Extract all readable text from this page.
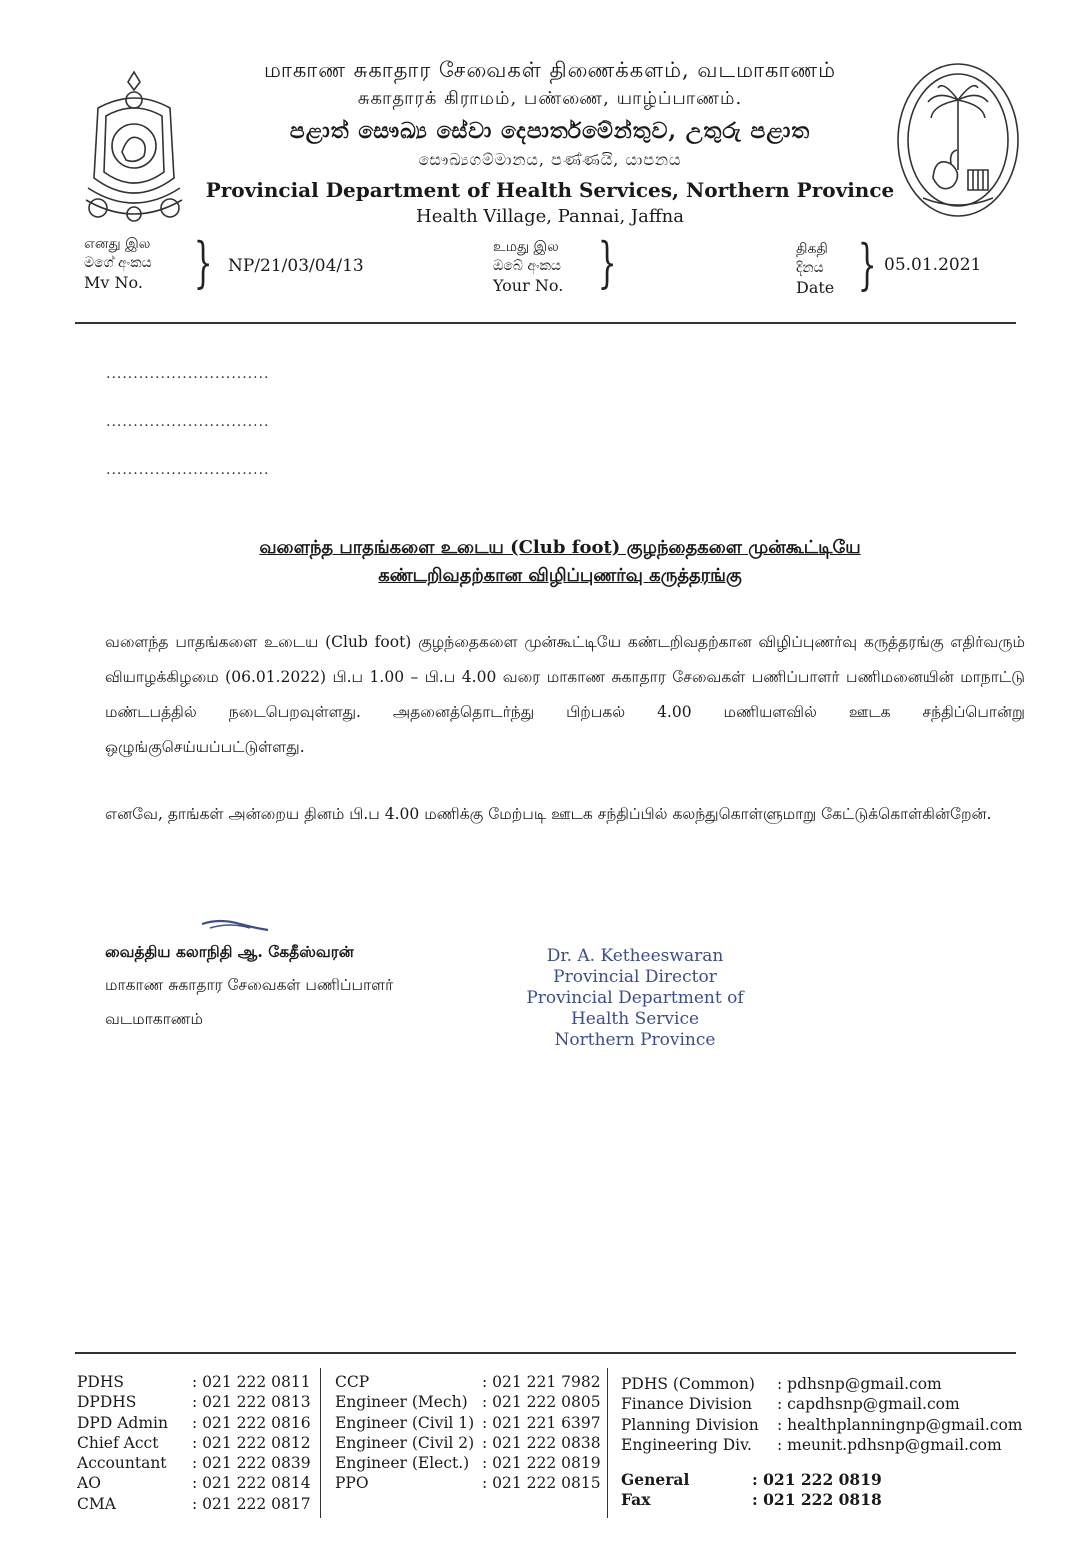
மாகாண சுகாதார சேவைகள் திணைக்களம், வடமாகாணம்
சுகாதாரக் கிராமம், பண்ணை, யாழ்ப்பாணம்.
පළාත් සෞඛ්‍ය සේවා දෙපාර්තමේන්තුව, උතුරු පළාත
සෞඛ්‍යගම්මානය, පණ්ණයි, යාපනය
Provincial Department of Health Services, Northern Province
Health Village, Pannai, Jaffna
எனது இல
මගේ අංකය
Mv No. } NP/21/03/04/13
உமது இல
ඔබේ අංකය
Your No. }	திகதி
දිනය
Date } 05.01.2021
..............................
..............................
..............................
வளைந்த பாதங்களை உடைய (Club foot) குழந்தைகளை முன்கூட்டியே
கண்டறிவதற்கான விழிப்புணர்வு கருத்தரங்கு
வளைந்த பாதங்களை உடைய (Club foot) குழந்தைகளை முன்கூட்டியே கண்டறிவதற்கான விழிப்புணர்வு கருத்தரங்கு எதிர்வரும் வியாழக்கிழமை (06.01.2022) பி.ப 1.00 – பி.ப 4.00 வரை மாகாண சுகாதார சேவைகள் பணிப்பாளர் பணிமனையின் மாநாட்டு மண்டபத்தில் நடைபெறவுள்ளது. அதனைத்தொடர்ந்து பிற்பகல் 4.00 மணியளவில் ஊடக சந்திப்பொன்று ஒழுங்குசெய்யப்பட்டுள்ளது.
எனவே, தாங்கள் அன்றைய தினம் பி.ப 4.00 மணிக்கு மேற்படி ஊடக சந்திப்பில் கலந்துகொள்ளுமாறு கேட்டுக்கொள்கின்றேன்.
வைத்திய கலாநிதி ஆ. கேதீஸ்வரன்
மாகாண சுகாதார சேவைகள் பணிப்பாளர்
வடமாகாணம்
Dr. A. Ketheeswaran
Provincial Director
Provincial Department of Health Service
Northern Province
PDHS
DPDHS
DPD Admin
Chief Acct
Accountant
AO
CMA
: 021 222 0811
: 021 222 0813
: 021 222 0816
: 021 222 0812
: 021 222 0839
: 021 222 0814
: 021 222 0817
CCP
Engineer (Mech)
Engineer (Civil 1)
Engineer (Civil 2)
Engineer (Elect.)
PPO
: 021 221 7982
: 021 222 0805
: 021 221 6397
: 021 222 0838
: 021 222 0819
: 021 222 0815
PDHS (Common)
Finance Division
Planning Division
Engineering Div.
: pdhsnp@gmail.com
: capdhsnp@gmail.com
: healthplanningnp@gmail.com
: meunit.pdhsnp@gmail.com
General
Fax
: 021 222 0819
: 021 222 0818
